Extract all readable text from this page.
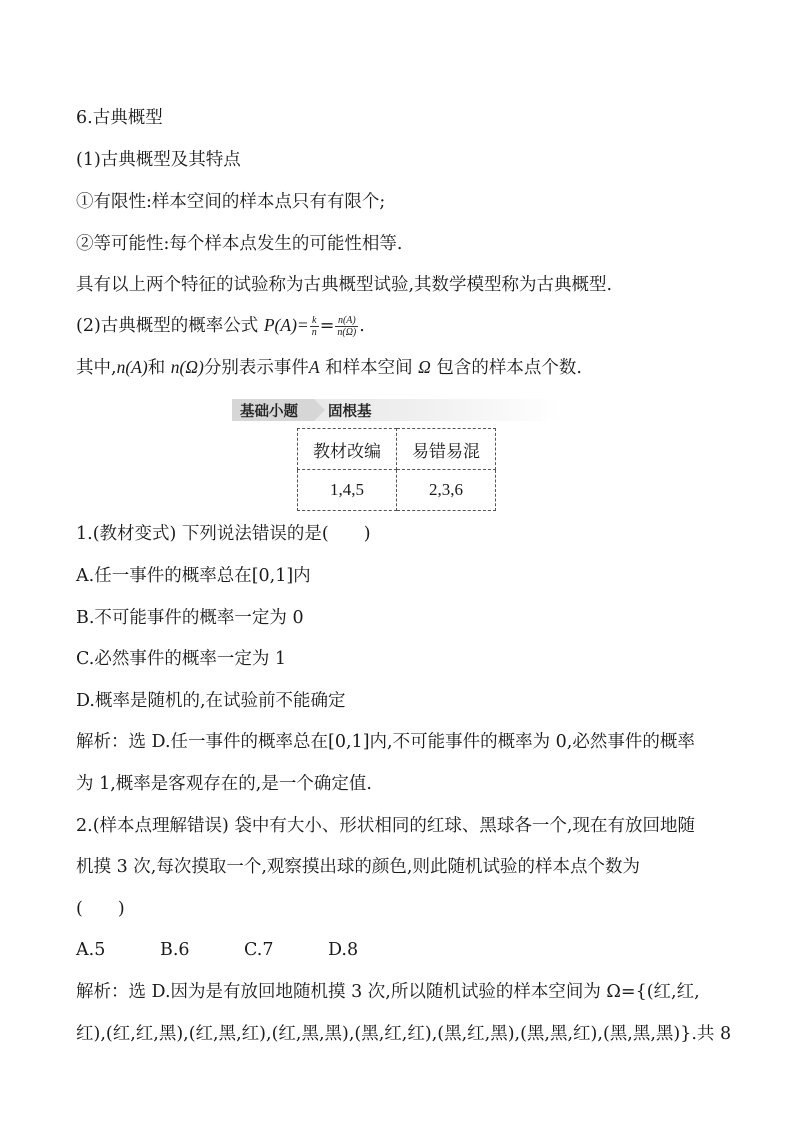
6.古典概型
(1)古典概型及其特点
①有限性:样本空间的样本点只有有限个;
②等可能性:每个样本点发生的可能性相等.
具有以上两个特征的试验称为古典概型试验,其数学模型称为古典概型.
(2)古典概型的概率公式 $P(A)= \frac{k}{n} = \frac{n(A)}{n(\Omega)}$ .
其中,n(A)和 n(Ω)分别表示事件A 和样本空间 Ω 包含的样本点个数.
基础小题 固根基
教材改编	易错易混
1,4,5	2,3,6
1.(教材变式) 下列说法错误的是(　　)
A.任一事件的概率总在[0,1]内
B.不可能事件的概率一定为 0
C.必然事件的概率一定为 1
D.概率是随机的,在试验前不能确定
解析：选 D.任一事件的概率总在[0,1]内,不可能事件的概率为 0,必然事件的概率
为 1,概率是客观存在的,是一个确定值.
2.(样本点理解错误) 袋中有大小、形状相同的红球、黑球各一个,现在有放回地随
机摸 3 次,每次摸取一个,观察摸出球的颜色,则此随机试验的样本点个数为
(　　)
A.5	B.6	C.7	D.8
解析：选 D.因为是有放回地随机摸 3 次,所以随机试验的样本空间为 Ω={(红,红,
红),(红,红,黑),(红,黑,红),(红,黑,黑),(黑,红,红),(黑,红,黑),(黑,黑,红),(黑,黑,黑)}.共 8
